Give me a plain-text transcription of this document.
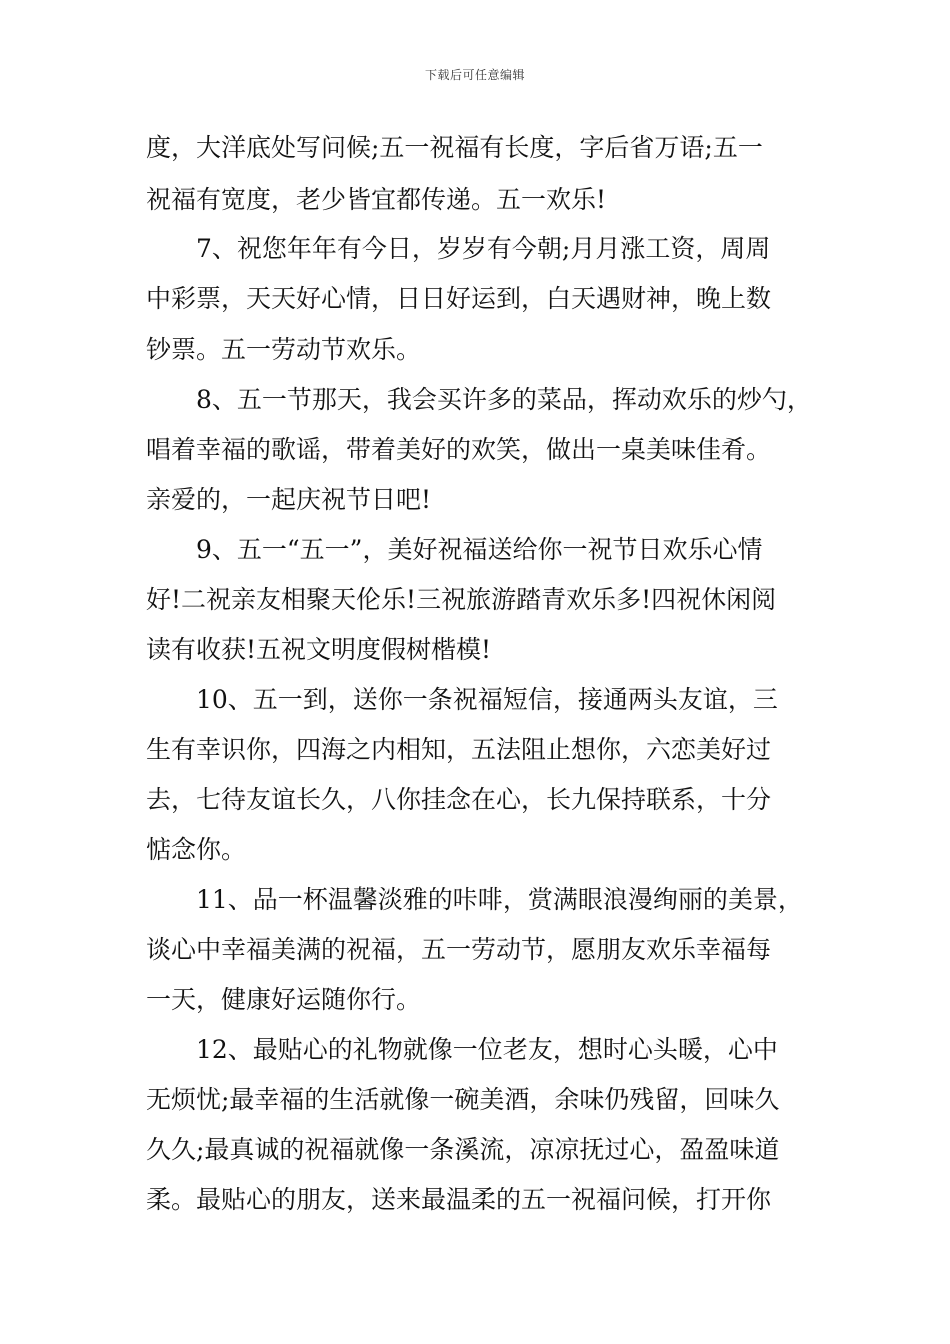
下载后可任意编辑
度，大洋底处写问候;五一祝福有长度，字后省万语;五一
祝福有宽度，老少皆宜都传递。五一欢乐!
7、祝您年年有今日，岁岁有今朝;月月涨工资，周周
中彩票，天天好心情，日日好运到，白天遇财神，晚上数
钞票。五一劳动节欢乐。
8、五一节那天，我会买许多的菜品，挥动欢乐的炒勺，
唱着幸福的歌谣，带着美好的欢笑，做出一桌美味佳肴。
亲爱的，一起庆祝节日吧!
9、五一“五一”，美好祝福送给你一祝节日欢乐心情
好!二祝亲友相聚天伦乐!三祝旅游踏青欢乐多!四祝休闲阅
读有收获!五祝文明度假树楷模!
10、五一到，送你一条祝福短信，接通两头友谊，三
生有幸识你，四海之内相知，五法阻止想你，六恋美好过
去，七待友谊长久，八你挂念在心，长九保持联系，十分
惦念你。
11、品一杯温馨淡雅的咔啡，赏满眼浪漫绚丽的美景，
谈心中幸福美满的祝福，五一劳动节，愿朋友欢乐幸福每
一天，健康好运随你行。
12、最贴心的礼物就像一位老友，想时心头暖，心中
无烦忧;最幸福的生活就像一碗美酒，余味仍残留，回味久
久久;最真诚的祝福就像一条溪流，凉凉抚过心，盈盈味道
柔。最贴心的朋友，送来最温柔的五一祝福问候，打开你
